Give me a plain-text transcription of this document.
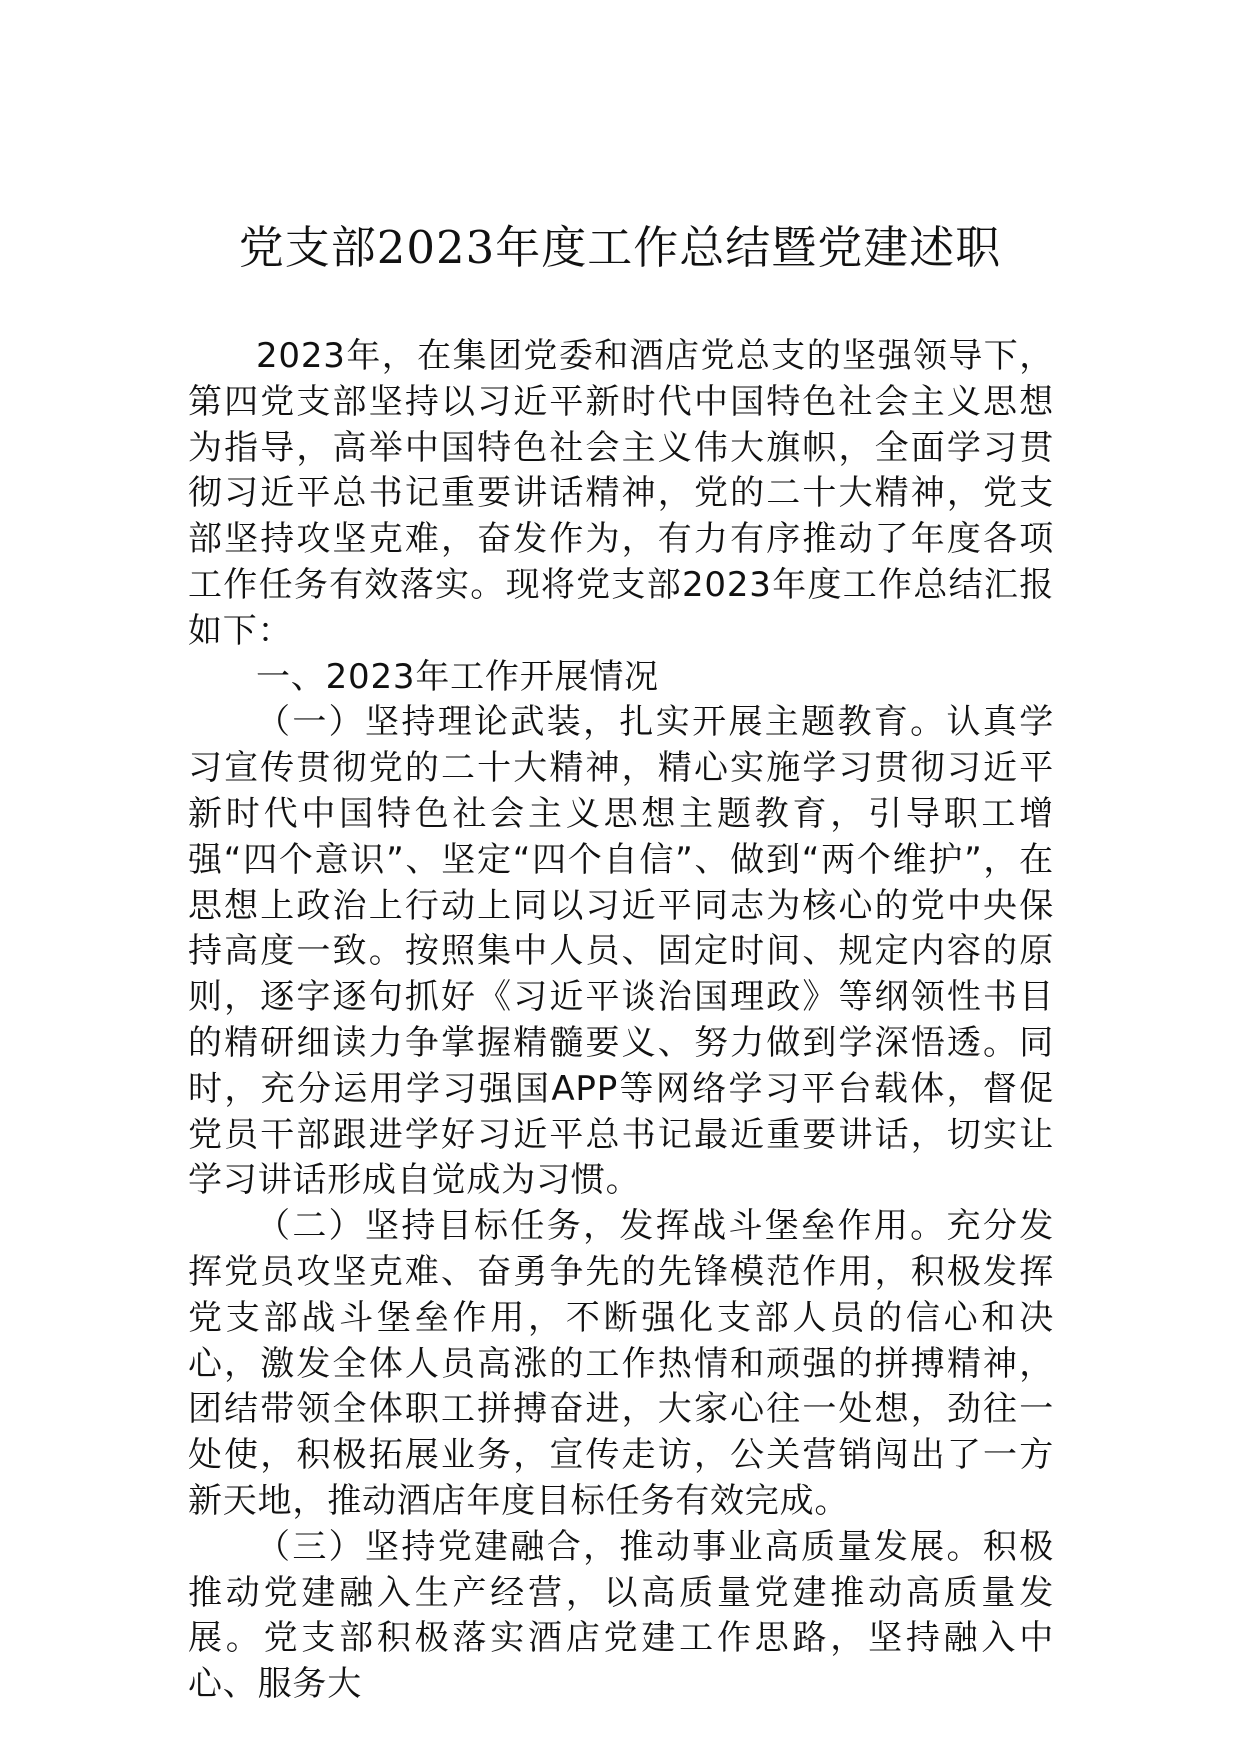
党支部2023年度工作总结暨党建述职

2023年，在集团党委和酒店党总支的坚强领导下，第四党支部坚持以习近平新时代中国特色社会主义思想为指导，高举中国特色社会主义伟大旗帜，全面学习贯彻习近平总书记重要讲话精神，党的二十大精神，党支部坚持攻坚克难，奋发作为，有力有序推动了年度各项工作任务有效落实。现将党支部2023年度工作总结汇报如下：

一、2023年工作开展情况

（一）坚持理论武装，扎实开展主题教育。认真学习宣传贯彻党的二十大精神，精心实施学习贯彻习近平新时代中国特色社会主义思想主题教育，引导职工增强“四个意识”、坚定“四个自信”、做到“两个维护”，在思想上政治上行动上同以习近平同志为核心的党中央保持高度一致。按照集中人员、固定时间、规定内容的原则，逐字逐句抓好《习近平谈治国理政》等纲领性书目的精研细读力争掌握精髓要义、努力做到学深悟透。同时，充分运用学习强国APP等网络学习平台载体，督促党员干部跟进学好习近平总书记最近重要讲话，切实让学习讲话形成自觉成为习惯。

（二）坚持目标任务，发挥战斗堡垒作用。充分发挥党员攻坚克难、奋勇争先的先锋模范作用，积极发挥党支部战斗堡垒作用，不断强化支部人员的信心和决心，激发全体人员高涨的工作热情和顽强的拼搏精神，团结带领全体职工拼搏奋进，大家心往一处想，劲往一处使，积极拓展业务，宣传走访，公关营销闯出了一方新天地，推动酒店年度目标任务有效完成。

（三）坚持党建融合，推动事业高质量发展。积极推动党建融入生产经营，以高质量党建推动高质量发展。党支部积极落实酒店党建工作思路，坚持融入中心、服务大
